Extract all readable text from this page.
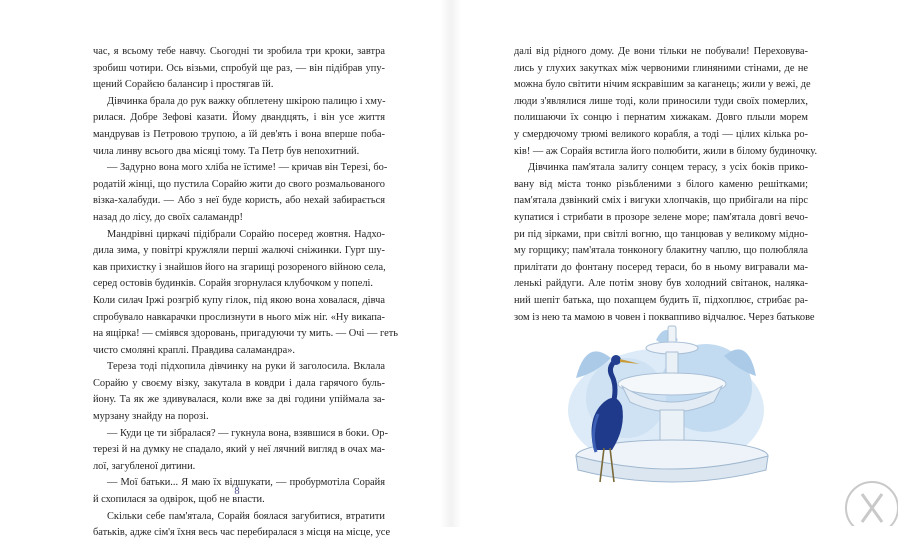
час, я всьому тебе навчу. Сьогодні ти зробила три кроки, завтра
зробиш чотири. Ось візьми, спробуй ще раз, — він підібрав упу-
щений Сорайєю балансир і простягав їй.
Дівчинка брала до рук важку обплетену шкірою палицю і хму-
рилася. Добре Зефові казати. Йому двандцять, і він усе життя
мандрував із Петровою трупою, а їй дев'ять і вона вперше поба-
чила линву всього два місяці тому. Та Петр був непохитний.
— Задурно вона мого хліба не їстиме! — кричав він Терезі, бо-
родатій жінці, що пустила Сорайю жити до свого розмальованого
візка-халабуди. — Або з неї буде користь, або нехай забирається
назад до лісу, до своїх саламандр!
Мандрівні циркачі підібрали Сорайю посеред жовтня. Надхо-
дила зима, у повітрі кружляли перші жалючі сніжинки. Гурт шу-
кав прихистку і знайшов його на згарищі розореного війною села,
серед остовів будинків. Сорайя згорнулася клубочком у попелі.
Коли силач Іржі розгріб купу гілок, під якою вона ховалася, дівча
спробувало навкарачки прослизнути в нього між ніг. «Ну викапа-
на ящірка! — сміявся здоровань, пригадуючи ту мить. — Очі — геть
чисто смоляні краплі. Правдива саламандра».
Тереза тоді підхопила дівчинку на руки й заголосила. Вклала
Сорайю у своєму візку, закутала в ковдри і дала гарячого буль-
йону. Та як же здивувалася, коли вже за дві години упіймала за-
мурзану знайду на порозі.
— Куди це ти зібралася? — гукнула вона, взявшися в боки. Ор-
терезі й на думку не спадало, який у неї лячний вигляд в очах ма-
лої, загубленої дитини.
— Мої батьки... Я маю їх відшукати, — пробурмотіла Сорайя
й схопилася за одвірок, щоб не впасти.
Скільки себе пам'ятала, Сорайя боялася загубитися, втратити
батьків, адже сім'я їхня весь час перебиралася з місця на місце, усе
8
далі від рідного дому. Де вони тільки не побували! Переховува-
лись у глухих закутках між червоними глиняними стінами, де не
можна було світити нічим яскравішим за каганець; жили у вежі, де
люди з'являлися лише тоді, коли приносили туди своїх померлих,
полишаючи їх сонцю і пернатим хижакам. Довго плыли морем
у смердючому трюмі великого корабля, а тоді — цілих кілька ро-
ків! — аж Сорайя встигла його полюбити, жили в білому будиночку.
Дівчинка пам'ятала залиту сонцем терасу, з усіх боків прико-
вану від міста тонко різьбленими з білого каменю решітками;
пам'ятала дзвінкий сміх і вигуки хлопчаків, що прибігали на пірс
купатися і стрибати в прозоре зелене море; пам'ятала довгі вечо-
ри під зірками, при світлі вогню, що танцював у великому мідно-
му горщику; пам'ятала тонконогу блакитну чаплю, що полюбляла
прилітати до фонтану посеред тераси, бо в ньому вигравали ма-
ленькі райдуги. Але потім знову був холодний світанок, наляка-
ний шепіт батька, що похапцем будить її, підхоплює, стрибає ра-
зом із нею та мамою в човен і покваппиво відчалює. Через батькове
